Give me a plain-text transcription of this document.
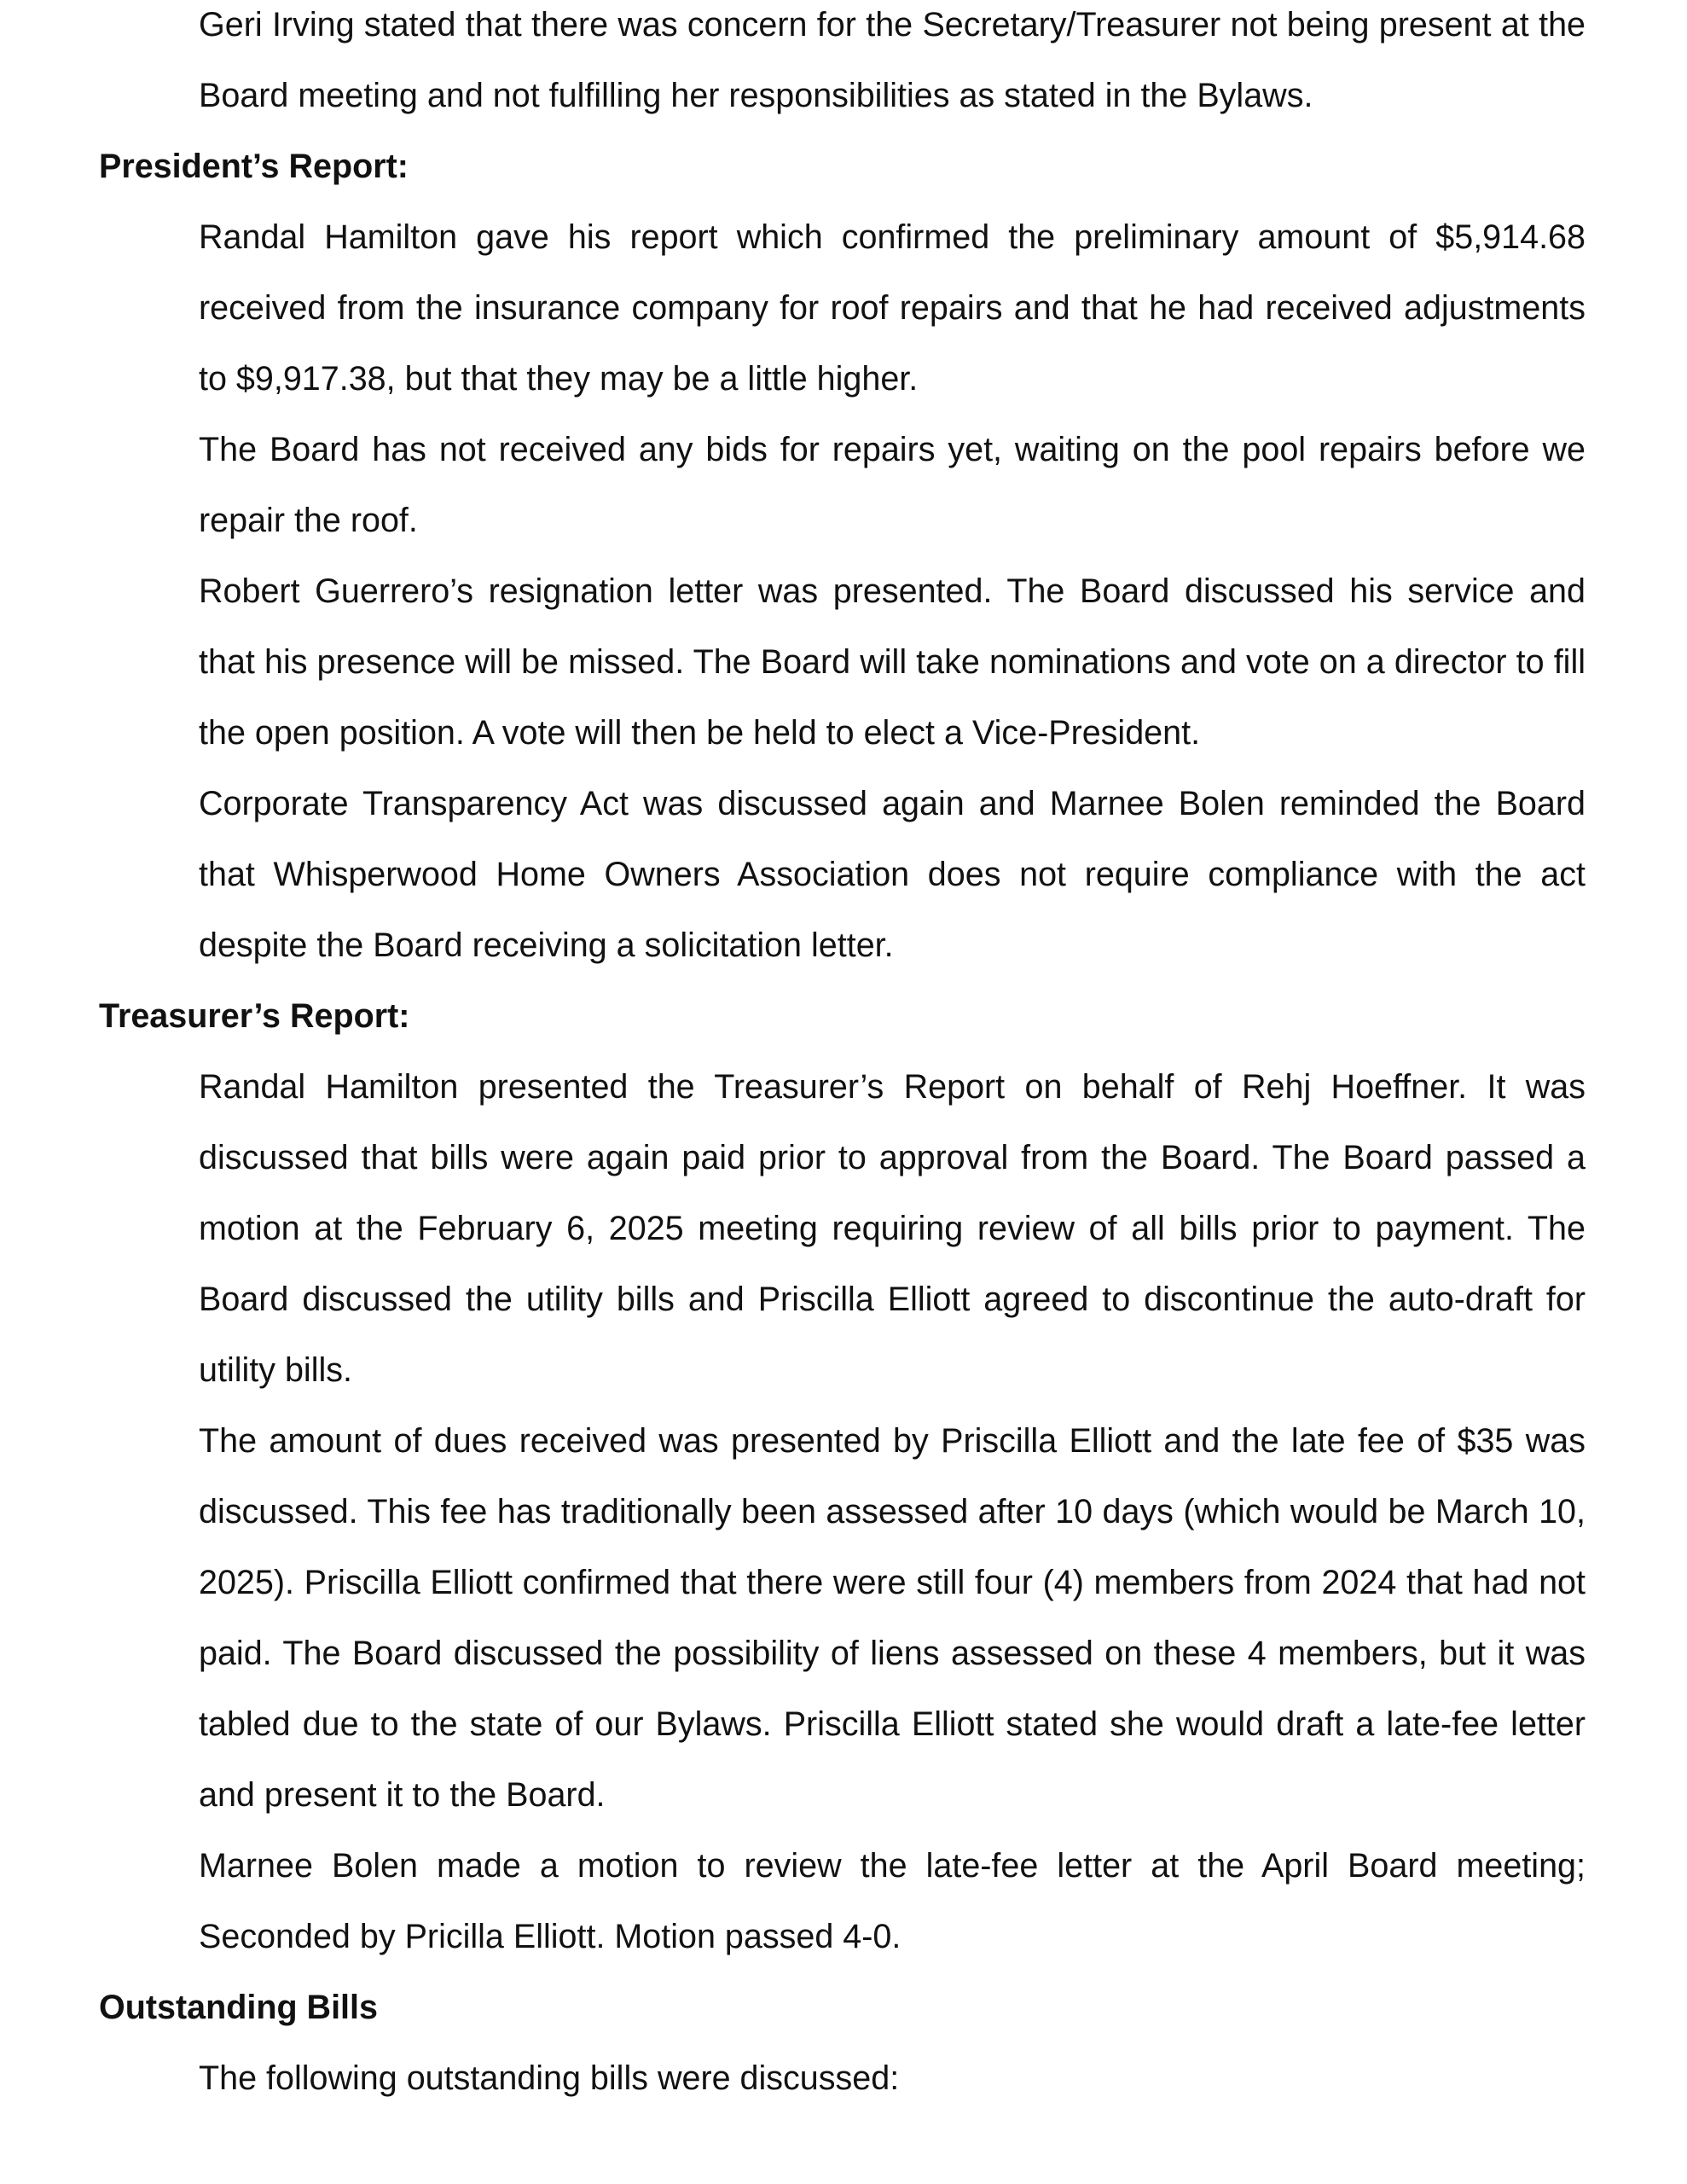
Geri Irving stated that there was concern for the Secretary/Treasurer not being present at the Board meeting and not fulfilling her responsibilities as stated in the Bylaws.

President’s Report:

Randal Hamilton gave his report which confirmed the preliminary amount of $5,914.68 received from the insurance company for roof repairs and that he had received adjustments to $9,917.38, but that they may be a little higher.

The Board has not received any bids for repairs yet, waiting on the pool repairs before we repair the roof.

Robert Guerrero’s resignation letter was presented. The Board discussed his service and that his presence will be missed. The Board will take nominations and vote on a director to fill the open position. A vote will then be held to elect a Vice-President.

Corporate Transparency Act was discussed again and Marnee Bolen reminded the Board that Whisperwood Home Owners Association does not require compliance with the act despite the Board receiving a solicitation letter.

Treasurer’s Report:

Randal Hamilton presented the Treasurer’s Report on behalf of Rehj Hoeffner. It was discussed that bills were again paid prior to approval from the Board. The Board passed a motion at the February 6, 2025 meeting requiring review of all bills prior to payment. The Board discussed the utility bills and Priscilla Elliott agreed to discontinue the auto-draft for utility bills.

The amount of dues received was presented by Priscilla Elliott and the late fee of $35 was discussed. This fee has traditionally been assessed after 10 days (which would be March 10, 2025). Priscilla Elliott confirmed that there were still four (4) members from 2024 that had not paid. The Board discussed the possibility of liens assessed on these 4 members, but it was tabled due to the state of our Bylaws. Priscilla Elliott stated she would draft a late-fee letter and present it to the Board.

Marnee Bolen made a motion to review the late-fee letter at the April Board meeting; Seconded by Pricilla Elliott. Motion passed 4-0.

Outstanding Bills

The following outstanding bills were discussed:
